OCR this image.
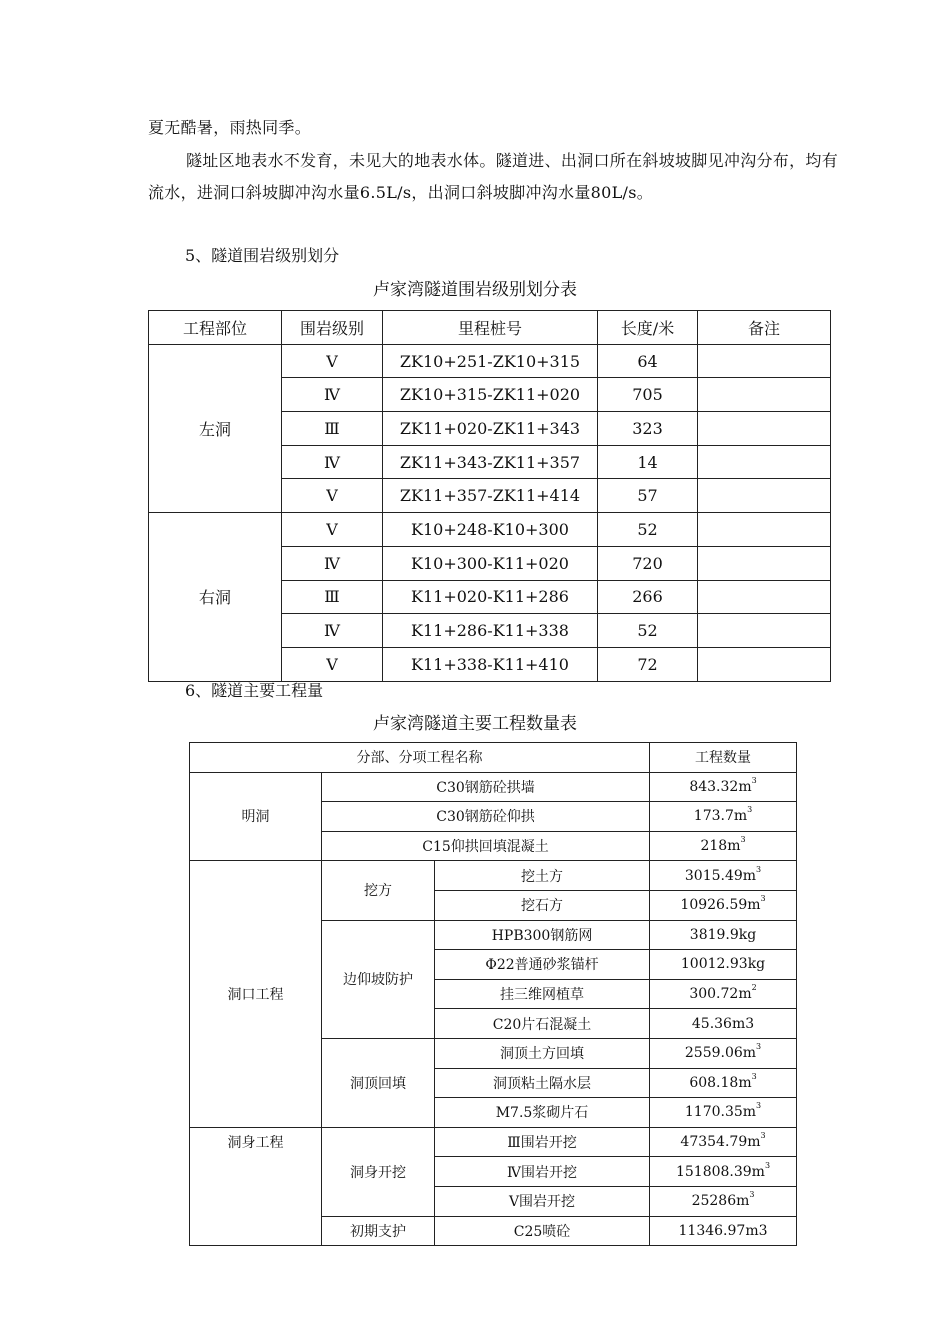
夏无酷暑，雨热同季。

隧址区地表水不发育，未见大的地表水体。隧道进、出洞口所在斜坡坡脚见冲沟分布，均有流水，进洞口斜坡脚冲沟水量6.5L/s，出洞口斜坡脚冲沟水量80L/s。

5、隧道围岩级别划分

卢家湾隧道围岩级别划分表

工程部位	围岩级别	里程桩号	长度/米	备注
左洞	Ⅴ	ZK10+251-ZK10+315	64	
	Ⅳ	ZK10+315-ZK11+020	705	
	Ⅲ	ZK11+020-ZK11+343	323	
	Ⅳ	ZK11+343-ZK11+357	14	
	Ⅴ	ZK11+357-ZK11+414	57	
右洞	Ⅴ	K10+248-K10+300	52	
	Ⅳ	K10+300-K11+020	720	
	Ⅲ	K11+020-K11+286	266	
	Ⅳ	K11+286-K11+338	52	
	Ⅴ	K11+338-K11+410	72	

6、隧道主要工程量

卢家湾隧道主要工程数量表

分部、分项工程名称			工程数量
明洞	C30钢筋砼拱墙		$843.32m^3$
	C30钢筋砼仰拱		$173.7m^3$
	C15仰拱回填混凝土		$218m^3$
洞口工程	挖方	挖土方	$3015.49m^3$
		挖石方	$10926.59m^3$
	边仰坡防护	HPB300钢筋网	3819.9kg
		Φ22普通砂浆锚杆	10012.93kg
		挂三维网植草	$300.72m^2$
		C20片石混凝土	45.36m3
	洞顶回填	洞顶土方回填	$2559.06m^3$
		洞顶粘土隔水层	$608.18m^3$
		M7.5浆砌片石	$1170.35m^3$
洞身工程	洞身开挖	Ⅲ围岩开挖	$47354.79m^3$
		Ⅳ围岩开挖	$151808.39m^3$
		Ⅴ围岩开挖	$25286m^3$
	初期支护	C25喷砼	11346.97m3
